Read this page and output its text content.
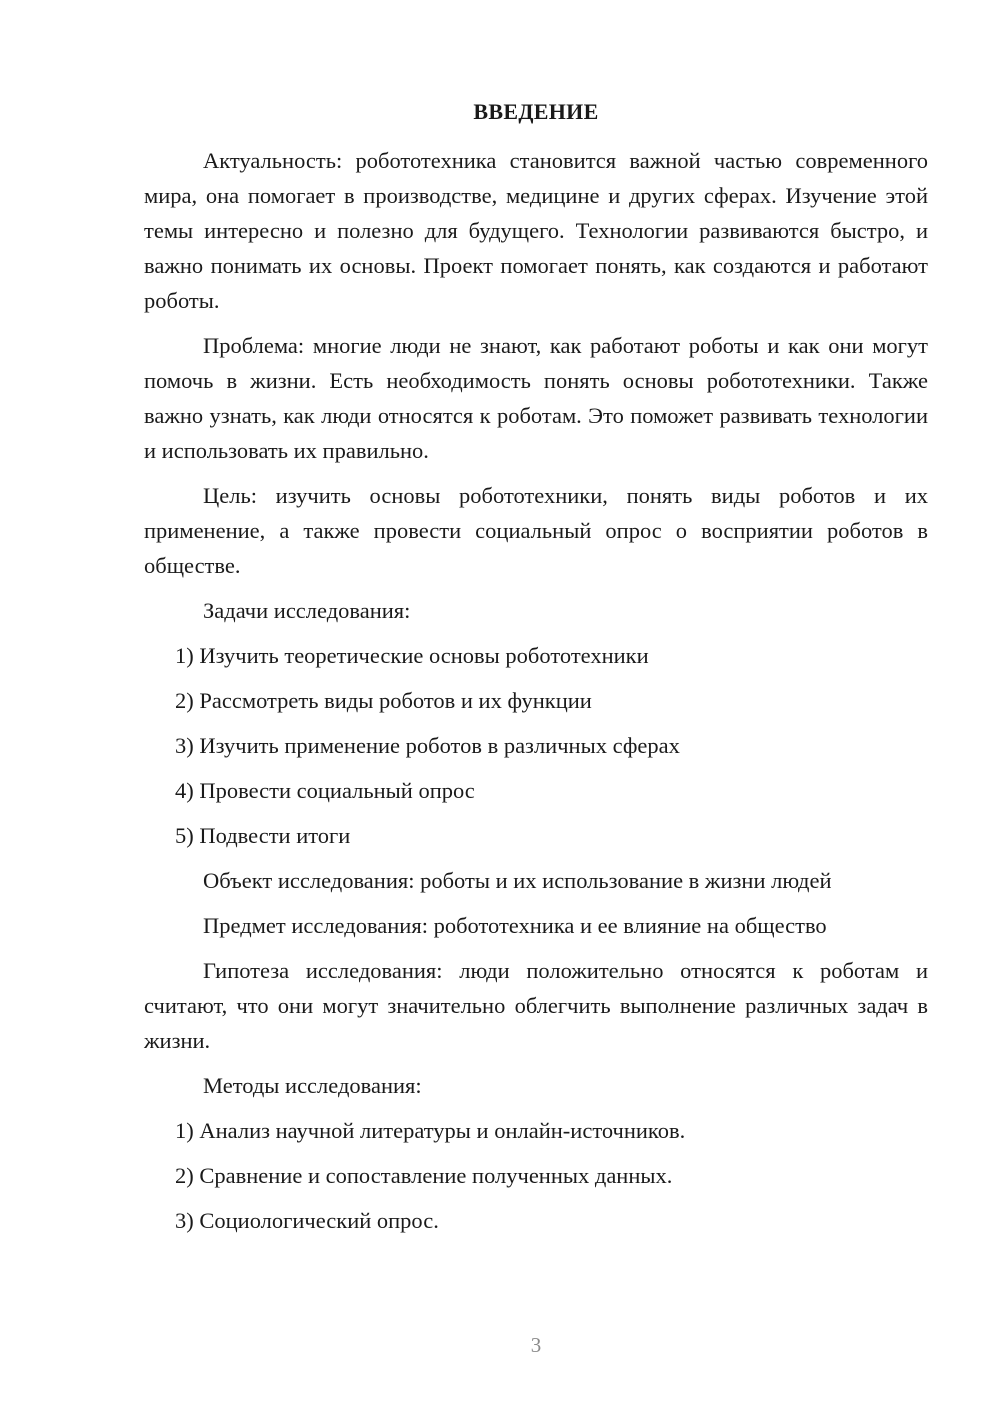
ВВЕДЕНИЕ

Актуальность: робототехника становится важной частью современного мира, она помогает в производстве, медицине и других сферах. Изучение этой темы интересно и полезно для будущего. Технологии развиваются быстро, и важно понимать их основы. Проект помогает понять, как создаются и работают роботы.

Проблема: многие люди не знают, как работают роботы и как они могут помочь в жизни. Есть необходимость понять основы робототехники. Также важно узнать, как люди относятся к роботам. Это поможет развивать технологии и использовать их правильно.

Цель: изучить основы робототехники, понять виды роботов и их применение, а также провести социальный опрос о восприятии роботов в обществе.

Задачи исследования:

1) Изучить теоретические основы робототехники

2) Рассмотреть виды роботов и их функции

3) Изучить применение роботов в различных сферах

4) Провести социальный опрос

5) Подвести итоги

Объект исследования: роботы и их использование в жизни людей

Предмет исследования: робототехника и ее влияние на общество

Гипотеза исследования: люди положительно относятся к роботам и считают, что они могут значительно облегчить выполнение различных задач в жизни.

Методы исследования:

1) Анализ научной литературы и онлайн-источников.

2) Сравнение и сопоставление полученных данных.

3) Социологический опрос.

3
